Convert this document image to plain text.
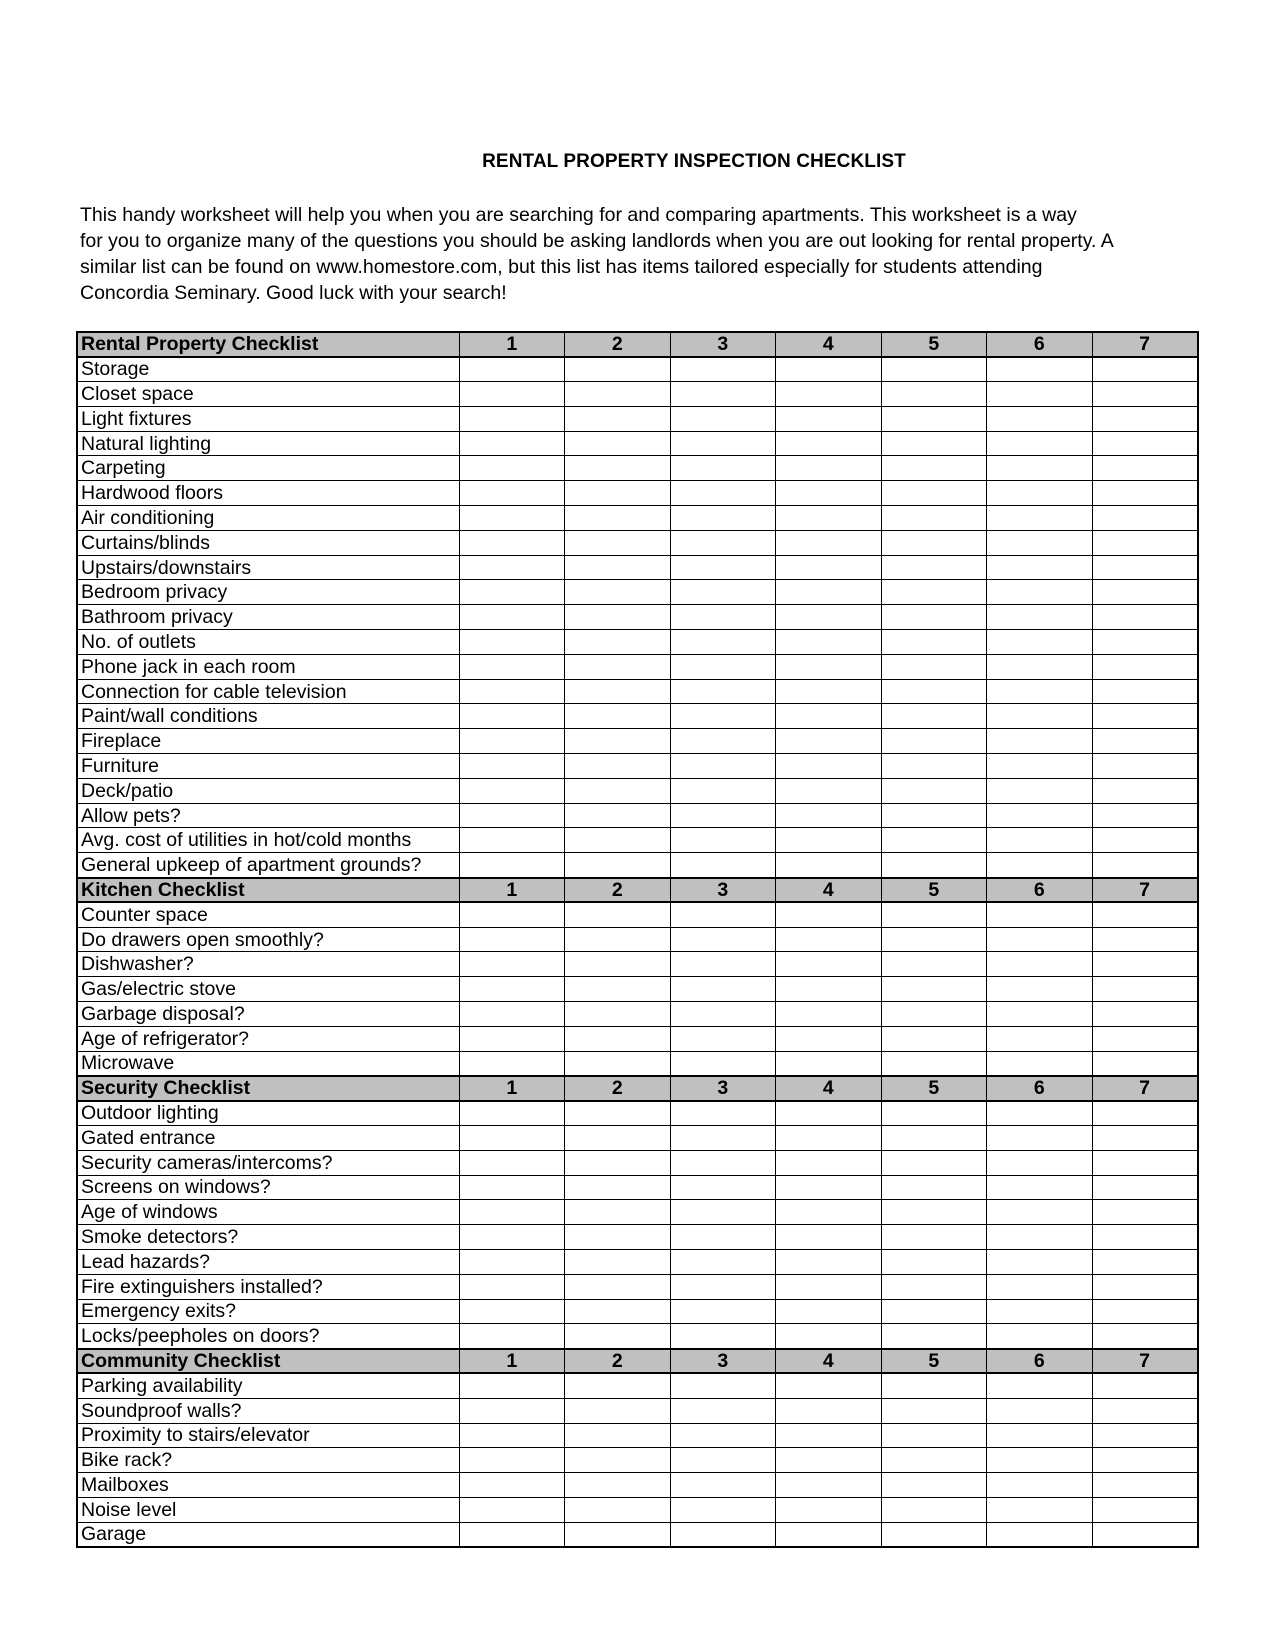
RENTAL PROPERTY INSPECTION CHECKLIST

This handy worksheet will help you when you are searching for and comparing apartments. This worksheet is a way
for you to organize many of the questions you should be asking landlords when you are out looking for rental property. A
similar list can be found on www.homestore.com, but this list has items tailored especially for students attending
Concordia Seminary. Good luck with your search!

Rental Property Checklist	1	2	3	4	5	6	7
Storage							
Closet space							
Light fixtures							
Natural lighting							
Carpeting							
Hardwood floors							
Air conditioning							
Curtains/blinds							
Upstairs/downstairs							
Bedroom privacy							
Bathroom privacy							
No. of outlets							
Phone jack in each room							
Connection for cable television							
Paint/wall conditions							
Fireplace							
Furniture							
Deck/patio							
Allow pets?							
Avg. cost of utilities in hot/cold months							
General upkeep of apartment grounds?							
Kitchen Checklist	1	2	3	4	5	6	7
Counter space							
Do drawers open smoothly?							
Dishwasher?							
Gas/electric stove							
Garbage disposal?							
Age of refrigerator?							
Microwave							
Security Checklist	1	2	3	4	5	6	7
Outdoor lighting							
Gated entrance							
Security cameras/intercoms?							
Screens on windows?							
Age of windows							
Smoke detectors?							
Lead hazards?							
Fire extinguishers installed?							
Emergency exits?							
Locks/peepholes on doors?							
Community Checklist	1	2	3	4	5	6	7
Parking availability							
Soundproof walls?							
Proximity to stairs/elevator							
Bike rack?							
Mailboxes							
Noise level							
Garage							
